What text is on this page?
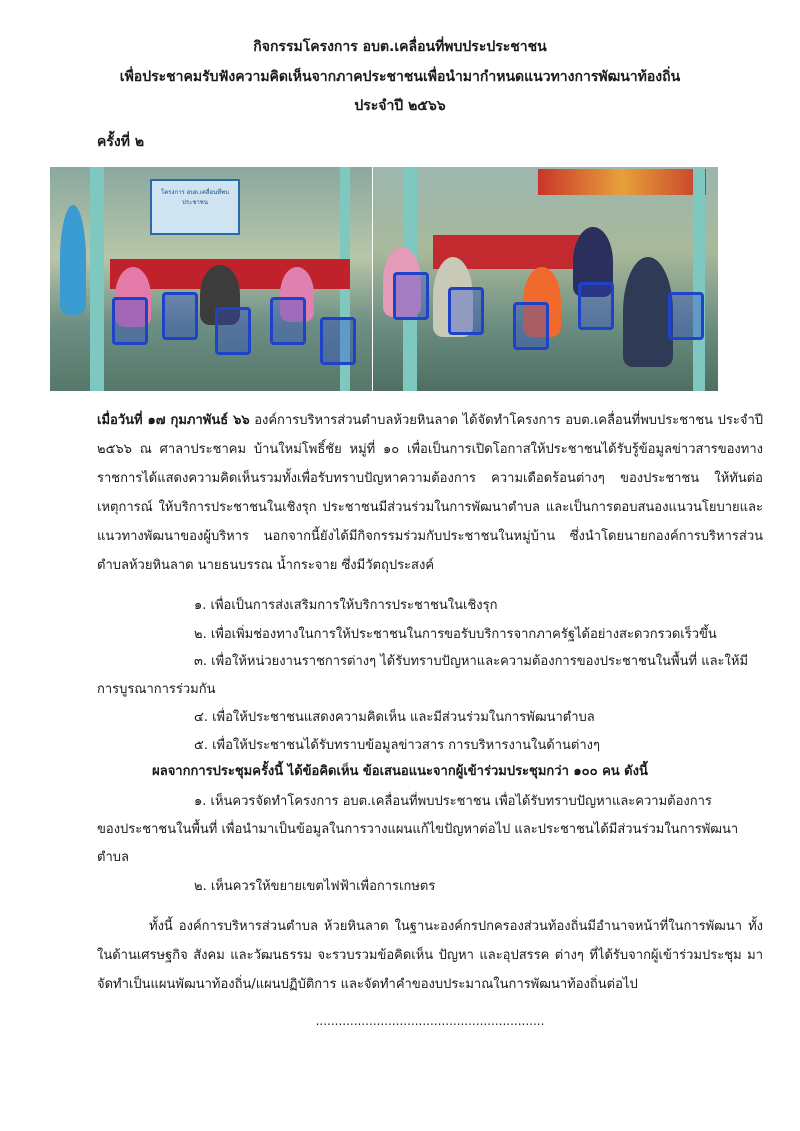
กิจกรรมโครงการ อบต.เคลื่อนที่พบประประชาชน
เพื่อประชาคมรับฟังความคิดเห็นจากภาคประชาชนเพื่อนำมากำหนดแนวทางการพัฒนาท้องถิ่น
ประจำปี ๒๕๖๖
ครั้งที่ ๒
โครงการ อบต.เคลื่อนที่พบประชาชน
เมื่อวันที่ ๑๗ กุมภาพันธ์ ๖๖ องค์การบริหารส่วนตำบลห้วยหินลาด ได้จัดทำโครงการ อบต.เคลื่อนที่พบประชาชน ประจำปี ๒๕๖๖ ณ ศาลาประชาคม บ้านใหม่โพธิ์ชัย หมู่ที่ ๑๐ เพื่อเป็นการเปิดโอกาสให้ประชาชนได้รับรู้ข้อมูลข่าวสารของทางราชการได้แสดงความคิดเห็นรวมทั้งเพื่อรับทราบปัญหาความต้องการ ความเดือดร้อนต่างๆ ของประชาชน ให้ทันต่อเหตุการณ์ ให้บริการประชาชนในเชิงรุก ประชาชนมีส่วนร่วมในการพัฒนาตำบล และเป็นการตอบสนองแนวนโยบายและแนวทางพัฒนาของผู้บริหาร นอกจากนี้ยังได้มีกิจกรรมร่วมกับประชาชนในหมู่บ้าน ซึ่งนำโดยนายกองค์การบริหารส่วนตำบลห้วยหินลาด นายธนบรรณ น้ำกระจาย ซึ่งมีวัตถุประสงค์
๑. เพื่อเป็นการส่งเสริมการให้บริการประชาชนในเชิงรุก
๒. เพื่อเพิ่มช่องทางในการให้ประชาชนในการขอรับบริการจากภาครัฐได้อย่างสะดวกรวดเร็วขึ้น
๓. เพื่อให้หน่วยงานราชการต่างๆ ได้รับทราบปัญหาและความต้องการของประชาชนในพื้นที่ และให้มี
การบูรณาการร่วมกัน
๔. เพื่อให้ประชาชนแสดงความคิดเห็น และมีส่วนร่วมในการพัฒนาตำบล
๕. เพื่อให้ประชาชนได้รับทราบข้อมูลข่าวสาร การบริหารงานในด้านต่างๆ
ผลจากการประชุมครั้งนี้ ได้ข้อคิดเห็น ข้อเสนอแนะจากผู้เข้าร่วมประชุมกว่า ๑๐๐ คน ดังนี้
๑. เห็นควรจัดทำโครงการ อบต.เคลื่อนที่พบประชาชน เพื่อได้รับทราบปัญหาและความต้องการ
ของประชาชนในพื้นที่ เพื่อนำมาเป็นข้อมูลในการวางแผนแก้ไขปัญหาต่อไป และประชาชนได้มีส่วนร่วมในการพัฒนา
ตำบล
๒. เห็นควรให้ขยายเขตไฟฟ้าเพื่อการเกษตร
ทั้งนี้ องค์การบริหารส่วนตำบล ห้วยหินลาด ในฐานะองค์กรปกครองส่วนท้องถิ่นมีอำนาจหน้าที่ในการพัฒนา ทั้งในด้านเศรษฐกิจ สังคม และวัฒนธรรม จะรวบรวมข้อคิดเห็น ปัญหา และอุปสรรค ต่างๆ ที่ได้รับจากผู้เข้าร่วมประชุม มาจัดทำเป็นแผนพัฒนาท้องถิ่น/แผนปฏิบัติการ และจัดทำคำของบประมาณในการพัฒนาท้องถิ่นต่อไป
............................................................
